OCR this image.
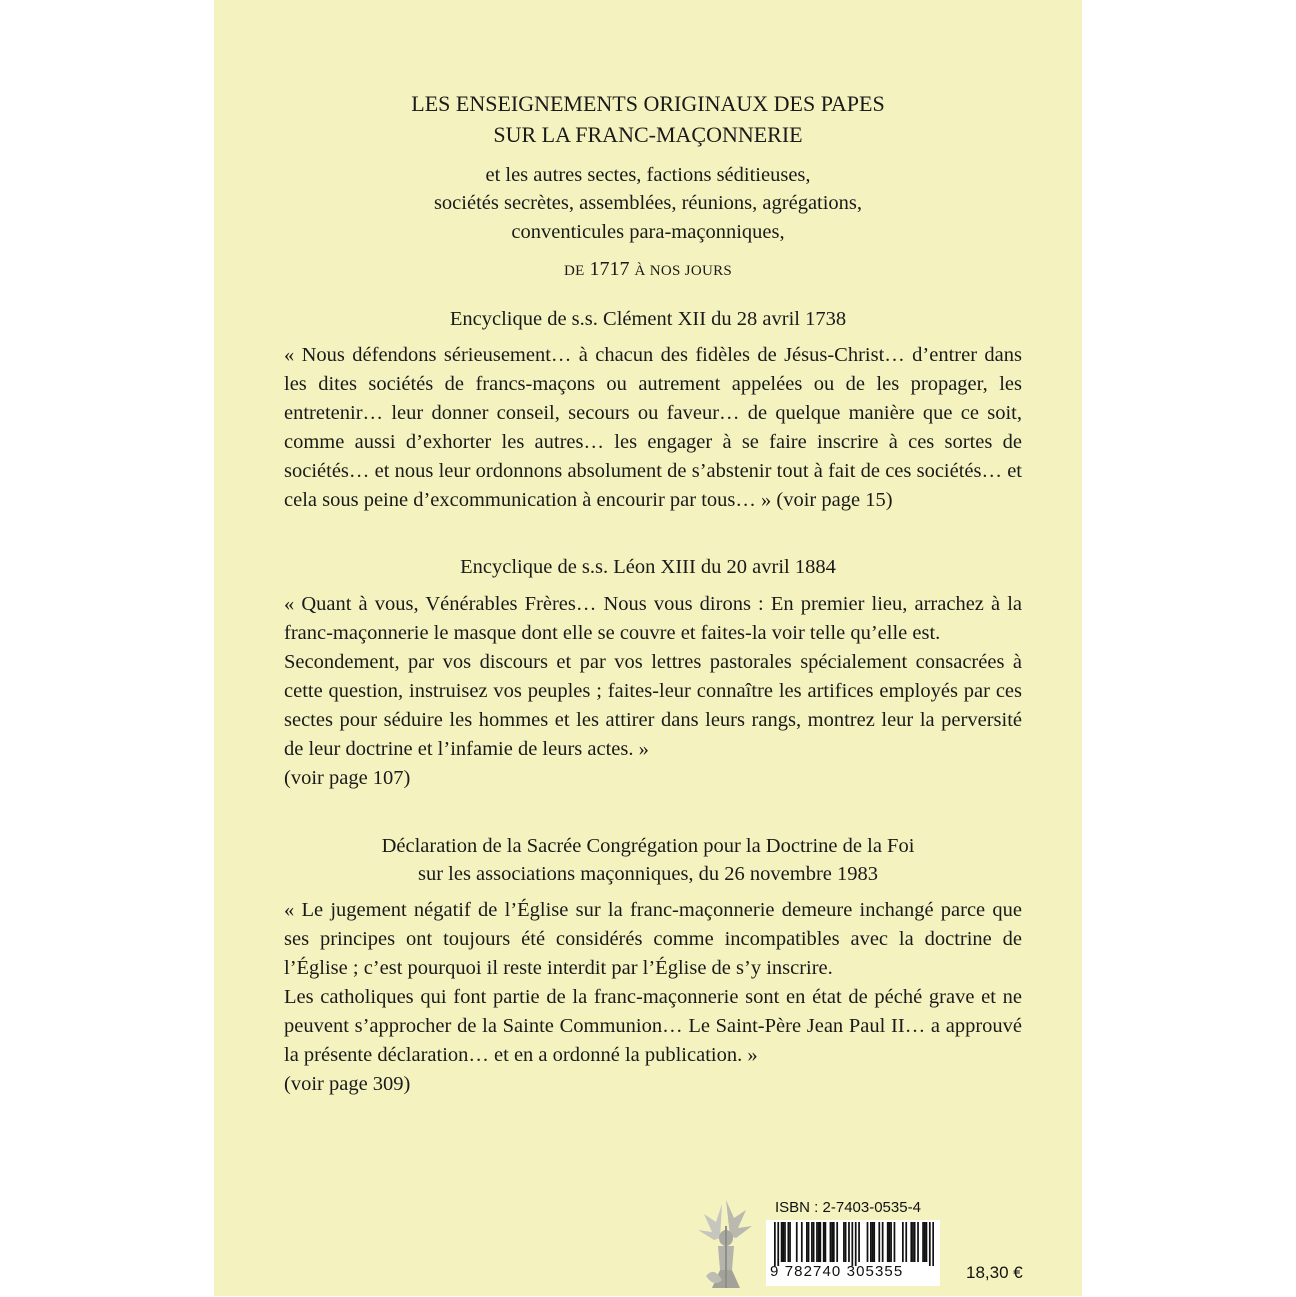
LES ENSEIGNEMENTS ORIGINAUX DES PAPES
SUR LA FRANC-MAÇONNERIE
et les autres sectes, factions séditieuses,
sociétés secrètes, assemblées, réunions, agrégations,
conventicules para-maçonniques,
DE 1717 À NOS JOURS
Encyclique de s.s. Clément XII du 28 avril 1738

« Nous défendons sérieusement… à chacun des fidèles de Jésus-Christ… d’entrer dans les dites sociétés de francs-maçons ou autrement appelées ou de les propager, les entretenir… leur donner conseil, secours ou faveur… de quelque manière que ce soit, comme aussi d’exhorter les autres… les engager à se faire inscrire à ces sortes de sociétés… et nous leur ordonnons absolument de s’abstenir tout à fait de ces sociétés… et cela sous peine d’excommunication à encourir par tous… » (voir page 15)

Encyclique de s.s. Léon XIII du 20 avril 1884

« Quant à vous, Vénérables Frères… Nous vous dirons : En premier lieu, arrachez à la franc-maçonnerie le masque dont elle se couvre et faites-la voir telle qu’elle est.

Secondement, par vos discours et par vos lettres pastorales spécialement consacrées à cette question, instruisez vos peuples ; faites-leur connaître les artifices employés par ces sectes pour séduire les hommes et les attirer dans leurs rangs, montrez leur la perversité de leur doctrine et l’infamie de leurs actes. »

(voir page 107)
Déclaration de la Sacrée Congrégation pour la Doctrine de la Foi
sur les associations maçonniques, du 26 novembre 1983

« Le jugement négatif de l’Église sur la franc-maçonnerie demeure inchangé parce que ses principes ont toujours été considérés comme incompatibles avec la doctrine de l’Église ; c’est pourquoi il reste interdit par l’Église de s’y inscrire.

Les catholiques qui font partie de la franc-maçonnerie sont en état de péché grave et ne peuvent s’approcher de la Sainte Communion… Le Saint-Père Jean Paul II… a approuvé la présente déclaration… et en a ordonné la publication. »

(voir page 309)
ISBN : 2-7403-0535-4
9 782740 305355	18,30 €
